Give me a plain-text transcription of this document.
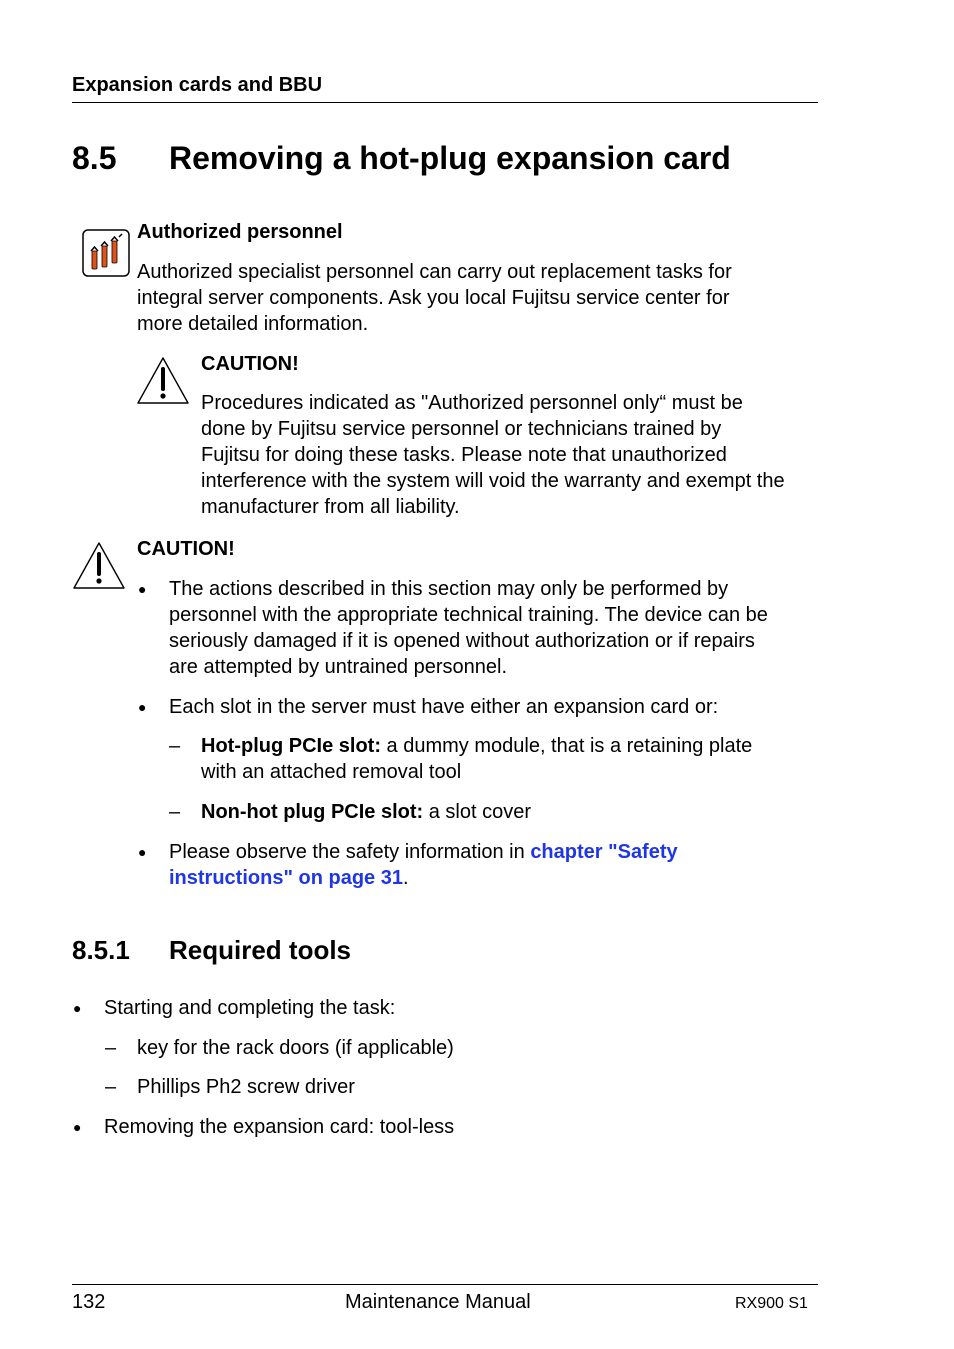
Expansion cards and BBU
8.5 Removing a hot-plug expansion card
Authorized personnel
Authorized specialist personnel can carry out replacement tasks for
integral server components. Ask you local Fujitsu service center for
more detailed information.
CAUTION!
Procedures indicated as "Authorized personnel only“ must be
done by Fujitsu service personnel or technicians trained by
Fujitsu for doing these tasks. Please note that unauthorized
interference with the system will void the warranty and exempt the
manufacturer from all liability.
CAUTION!
● The actions described in this section may only be performed by
personnel with the appropriate technical training. The device can be
seriously damaged if it is opened without authorization or if repairs
are attempted by untrained personnel.
● Each slot in the server must have either an expansion card or:
– Hot-plug PCIe slot: a dummy module, that is a retaining plate
with an attached removal tool
– Non-hot plug PCIe slot: a slot cover
● Please observe the safety information in chapter "Safety
instructions" on page 31.
8.5.1 Required tools
● Starting and completing the task:
– key for the rack doors (if applicable)
– Phillips Ph2 screw driver
● Removing the expansion card: tool-less
132	Maintenance Manual	RX900 S1
